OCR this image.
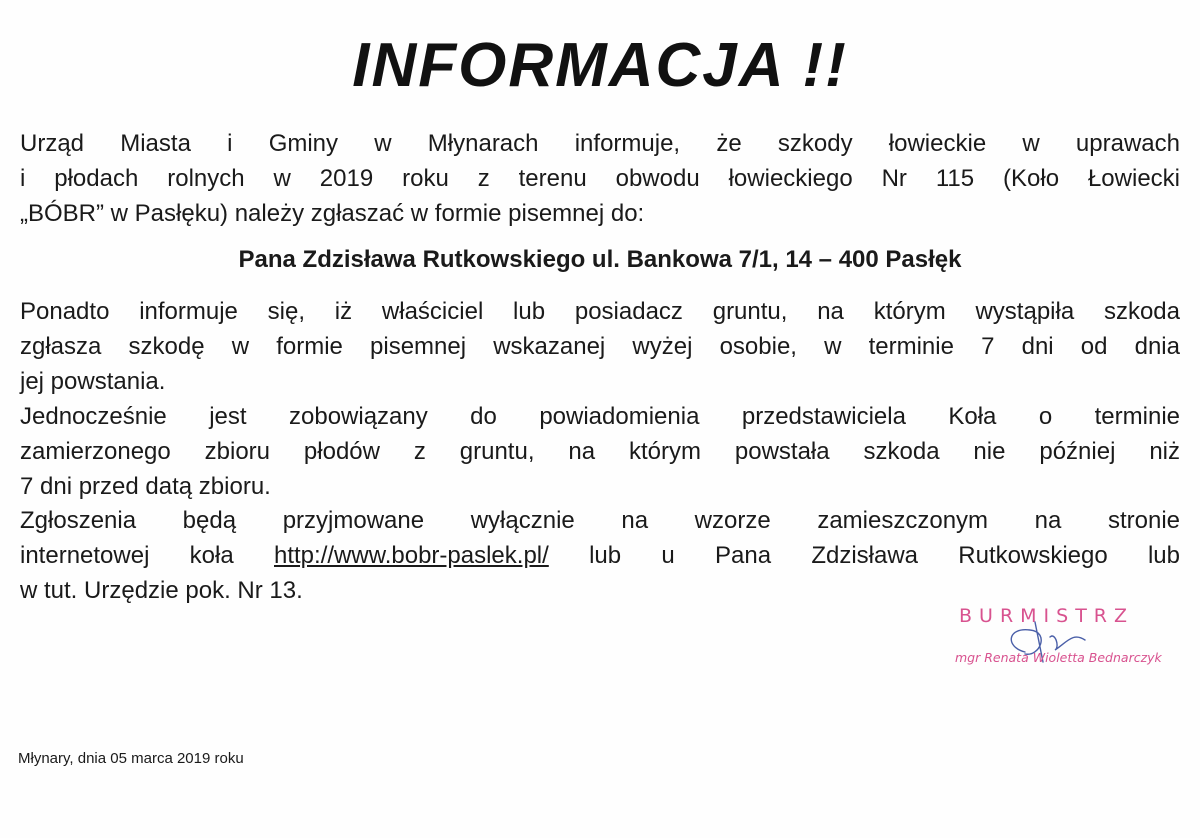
INFORMACJA !!

Urząd Miasta i Gminy w Młynarach informuje, że szkody łowieckie w uprawach
i płodach rolnych w 2019 roku z terenu obwodu łowieckiego Nr 115 (Koło Łowiecki
„BÓBR” w Pasłęku) należy zgłaszać w formie pisemnej do:

Pana Zdzisława Rutkowskiego ul. Bankowa 7/1, 14 – 400 Pasłęk

Ponadto informuje się, iż właściciel lub posiadacz gruntu, na którym wystąpiła szkoda
zgłasza szkodę w formie pisemnej wskazanej wyżej osobie, w terminie 7 dni od dnia
jej powstania.

Jednocześnie jest zobowiązany do powiadomienia przedstawiciela Koła o terminie
zamierzonego zbioru płodów z gruntu, na którym powstała szkoda nie później niż
7 dni przed datą zbioru.

Zgłoszenia będą przyjmowane wyłącznie na wzorze zamieszczonym na stronie
internetowej koła http://www.bobr-paslek.pl/ lub u Pana Zdzisława Rutkowskiego lub
w tut. Urzędzie pok. Nr 13.

BURMISTRZ
mgr Renata Wioletta Bednarczyk

Młynary, dnia 05 marca 2019 roku
